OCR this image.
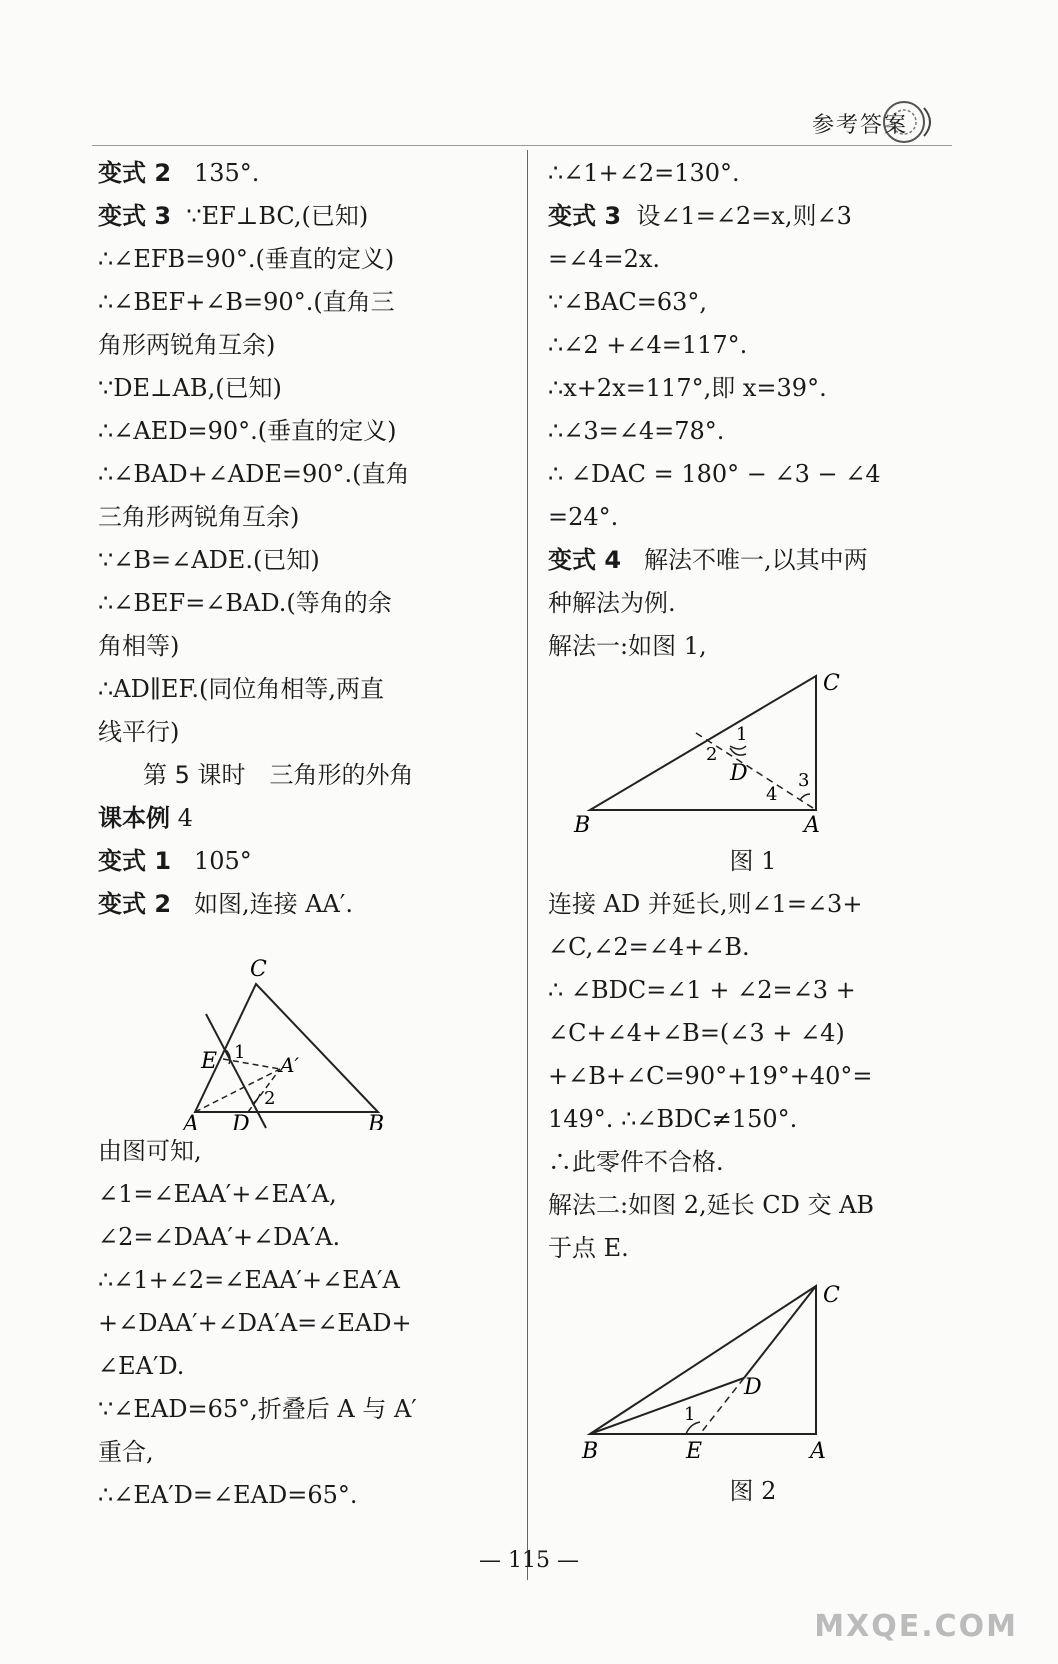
参考答案
变式 2 135°.
变式 3 ∵EF⊥BC,(已知)
∴∠EFB=90°.(垂直的定义)
∴∠BEF+∠B=90°.(直角三
角形两锐角互余)
∵DE⊥AB,(已知)
∴∠AED=90°.(垂直的定义)
∴∠BAD+∠ADE=90°.(直角
三角形两锐角互余)
∵∠B=∠ADE.(已知)
∴∠BEF=∠BAD.(等角的余
角相等)
∴AD∥EF.(同位角相等,两直
线平行)
第 5 课时　三角形的外角
课本例 4
变式 1 105°
变式 2 如图,连接 AA′.
C
E
A D	B
A′
1
2
由图可知,
∠1=∠EAA′+∠EA′A,
∠2=∠DAA′+∠DA′A.
∴∠1+∠2=∠EAA′+∠EA′A
+∠DAA′+∠DA′A=∠EAD+
∠EA′D.
∵∠EAD=65°,折叠后 A 与 A′
重合,
∴∠EA′D=∠EAD=65°.
∴∠1+∠2=130°.
变式 3 设∠1=∠2=x,则∠3
=∠4=2x.
∵∠BAC=63°,
∴∠2 +∠4=117°.
∴x+2x=117°,即 x=39°.
∴∠3=∠4=78°.
∴ ∠DAC = 180° − ∠3 − ∠4
=24°.
变式 4 解法不唯一,以其中两
种解法为例.
解法一:如图 1,
C
B	A
D
1
2
3
4
图 1
连接 AD 并延长,则∠1=∠3+
∠C,∠2=∠4+∠B.
∴ ∠BDC=∠1 + ∠2=∠3 +
∠C+∠4+∠B=(∠3 + ∠4)
+∠B+∠C=90°+19°+40°=
149°. ∴∠BDC≠150°.
∴此零件不合格.
解法二:如图 2,延长 CD 交 AB
于点 E.
C
D
B	E	A
1
图 2
— 115 —
MXQE.COM
